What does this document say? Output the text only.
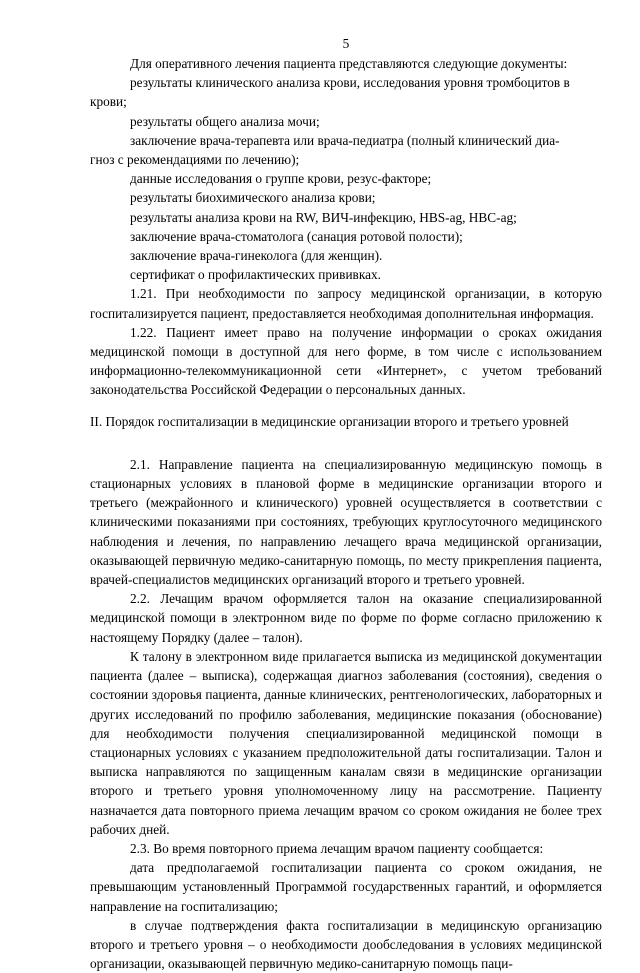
5

Для оперативного лечения пациента представляются следующие документы:

результаты клинического анализа крови, исследования уровня тромбоцитов в

крови;

результаты общего анализа мочи;

заключение врача-терапевта или врача-педиатра (полный клинический диа-

гноз с рекомендациями по лечению);

данные исследования о группе крови, резус-факторе;

результаты биохимического анализа крови;

результаты анализа крови на RW, ВИЧ-инфекцию, HBS-ag, HBC-ag;

заключение врача-стоматолога (санация ротовой полости);

заключение врача-гинеколога (для женщин).

сертификат о профилактических прививках.

1.21. При необходимости по запросу медицинской организации, в которую госпитализируется пациент, предоставляется необходимая дополнительная информация.

1.22. Пациент имеет право на получение информации о сроках ожидания медицинской помощи в доступной для него форме, в том числе с использованием информационно-телекоммуникационной сети «Интернет», с учетом требований законодательства Российской Федерации о персональных данных.

II. Порядок госпитализации в медицинские организации второго и третьего уровней

2.1. Направление пациента на специализированную медицинскую помощь в стационарных условиях в плановой форме в медицинские организации второго и третьего (межрайонного и клинического) уровней осуществляется в соответствии с клиническими показаниями при состояниях, требующих круглосуточного медицинского наблюдения и лечения, по направлению лечащего врача медицинской организации, оказывающей первичную медико-санитарную помощь, по месту прикрепления пациента, врачей-специалистов медицинских организаций второго и третьего уровней.

2.2. Лечащим врачом оформляется талон на оказание специализированной медицинской помощи в электронном виде по форме по форме согласно приложению к настоящему Порядку (далее – талон).

К талону в электронном виде прилагается выписка из медицинской документации пациента (далее – выписка), содержащая диагноз заболевания (состояния), сведения о состоянии здоровья пациента, данные клинических, рентгенологических, лабораторных и других исследований по профилю заболевания, медицинские показания (обоснование) для необходимости получения специализированной медицинской помощи в стационарных условиях с указанием предположительной даты госпитализации. Талон и выписка направляются по защищенным каналам связи в медицинские организации второго и третьего уровня уполномоченному лицу на рассмотрение. Пациенту назначается дата повторного приема лечащим врачом со сроком ожидания не более трех рабочих дней.

2.3. Во время повторного приема лечащим врачом пациенту сообщается:

дата предполагаемой госпитализации пациента со сроком ожидания, не превышающим установленный Программой государственных гарантий, и оформляется направление на госпитализацию;

в случае подтверждения факта госпитализации в медицинскую организацию второго и третьего уровня – о необходимости дообследования в условиях медицинской организации, оказывающей первичную медико-санитарную помощь паци-
